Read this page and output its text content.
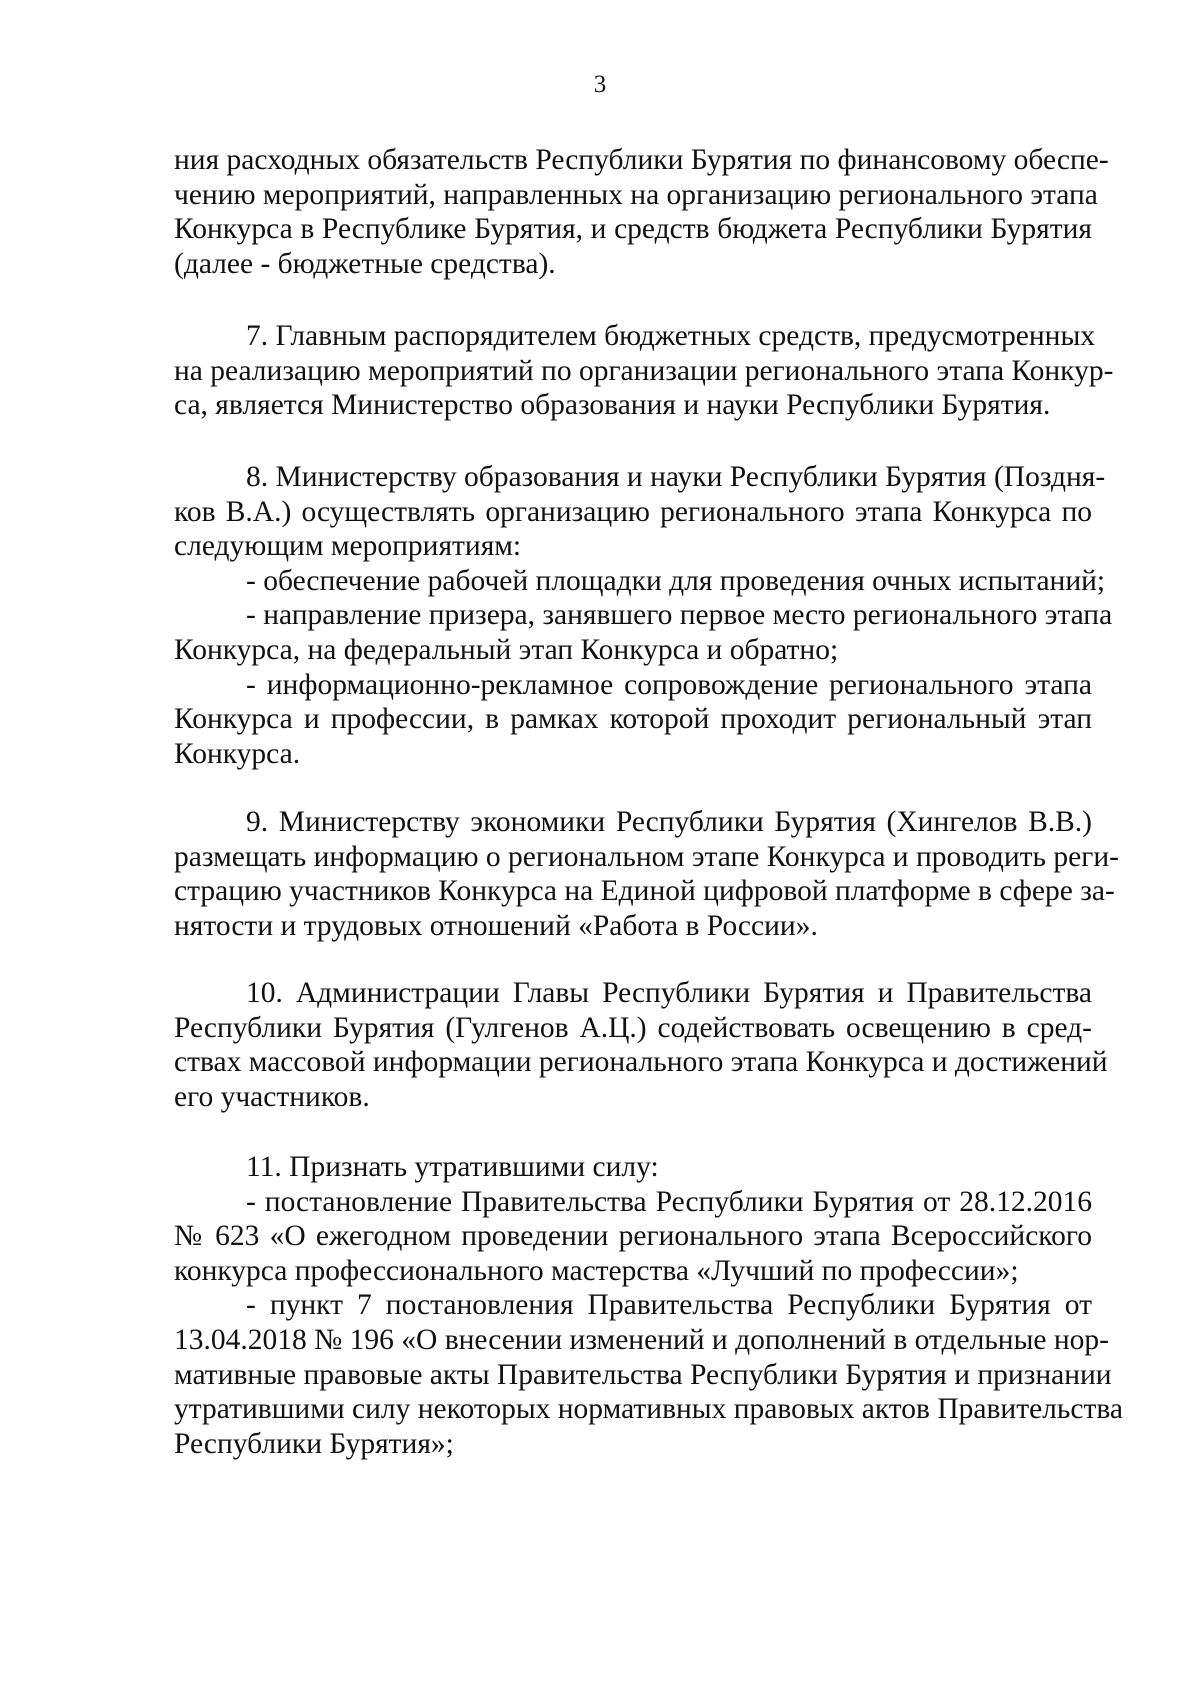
3
ния расходных обязательств Республики Бурятия по финансовому обеспе-
чению мероприятий, направленных на организацию регионального этапа
Конкурса в Республике Бурятия, и средств бюджета Республики Бурятия
(далее - бюджетные средства).
7. Главным распорядителем бюджетных средств, предусмотренных
на реализацию мероприятий по организации регионального этапа Конкур-
са, является Министерство образования и науки Республики Бурятия.
8. Министерству образования и науки Республики Бурятия (Поздня-
ков В.А.) осуществлять организацию регионального этапа Конкурса по
следующим мероприятиям:
- обеспечение рабочей площадки для проведения очных испытаний;
- направление призера, занявшего первое место регионального этапа
Конкурса, на федеральный этап Конкурса и обратно;
- информационно-рекламное сопровождение регионального этапа
Конкурса и профессии, в рамках которой проходит региональный этап
Конкурса.
9. Министерству экономики Республики Бурятия (Хингелов В.В.)
размещать информацию о региональном этапе Конкурса и проводить реги-
страцию участников Конкурса на Единой цифровой платформе в сфере за-
нятости и трудовых отношений «Работа в России».
10. Администрации Главы Республики Бурятия и Правительства
Республики Бурятия (Гулгенов А.Ц.) содействовать освещению в сред-
ствах массовой информации регионального этапа Конкурса и достижений
его участников.
11. Признать утратившими силу:
- постановление Правительства Республики Бурятия от 28.12.2016
№ 623 «О ежегодном проведении регионального этапа Всероссийского
конкурса профессионального мастерства «Лучший по профессии»;
- пункт 7 постановления Правительства Республики Бурятия от
13.04.2018 № 196 «О внесении изменений и дополнений в отдельные нор-
мативные правовые акты Правительства Республики Бурятия и признании
утратившими силу некоторых нормативных правовых актов Правительства
Республики Бурятия»;
